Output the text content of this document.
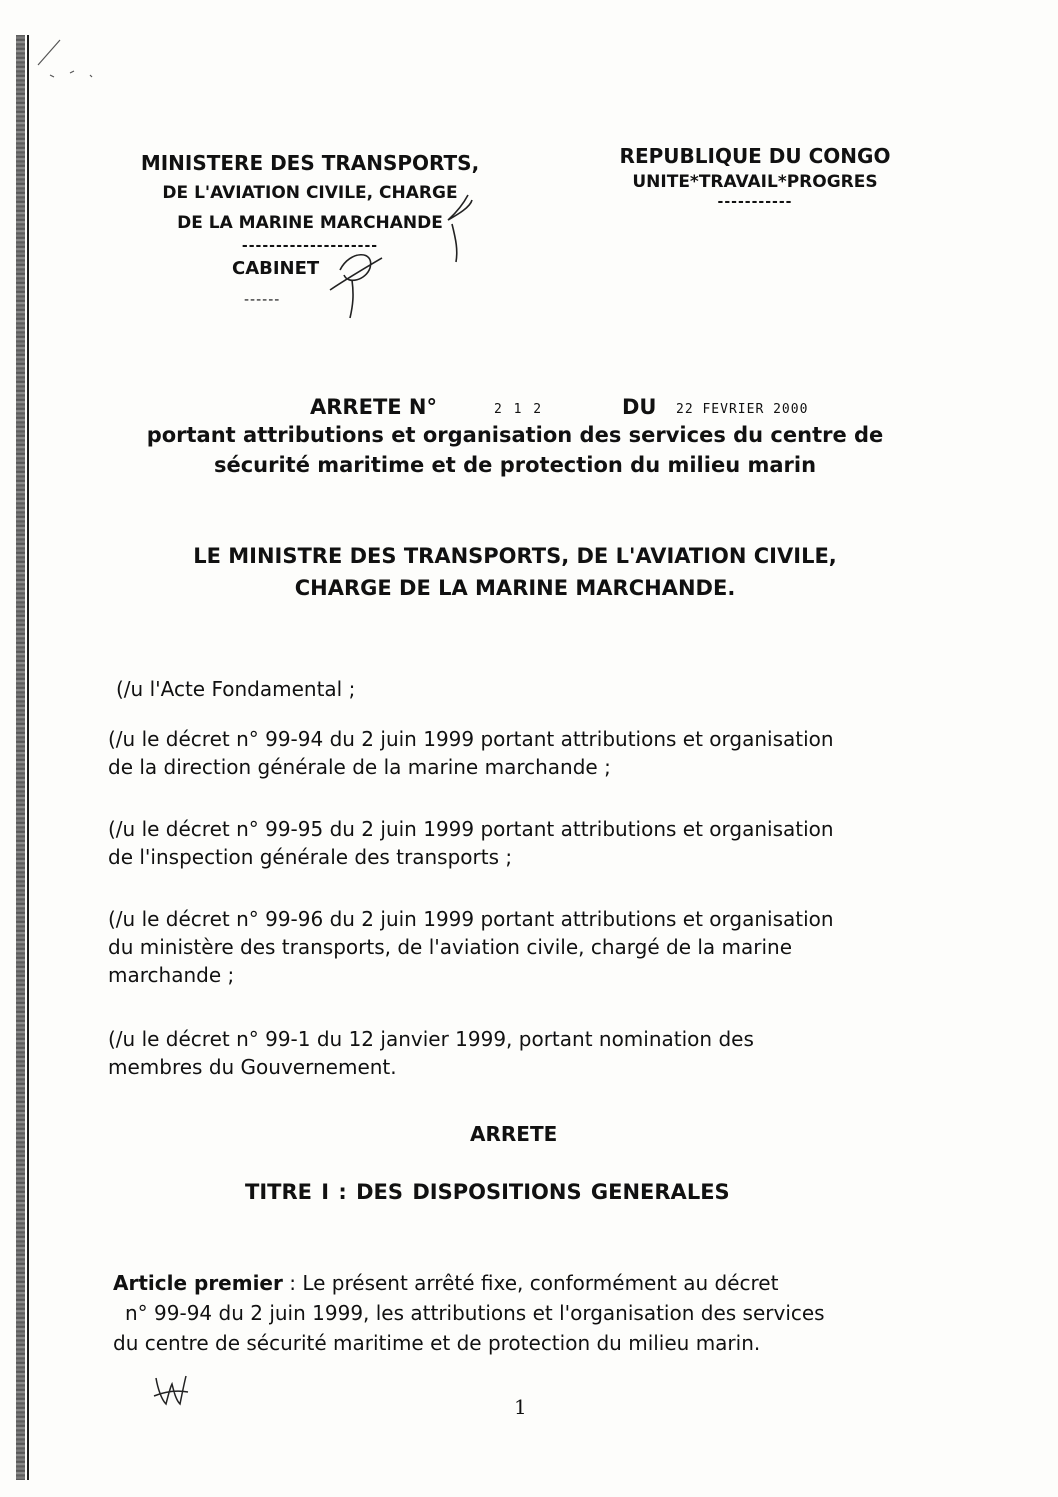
MINISTERE DES TRANSPORTS,
DE L'AVIATION CIVILE, CHARGE
DE LA MARINE MARCHANDE
--------------------
CABINET
------
REPUBLIQUE DU CONGO
UNITE*TRAVAIL*PROGRES
-----------
ARRETE N°	2 1 2	DU 22 FEVRIER 2000
portant attributions et organisation des services du centre de
sécurité maritime et de protection du milieu marin
LE MINISTRE DES TRANSPORTS, DE L'AVIATION CIVILE,
CHARGE DE LA MARINE MARCHANDE.
(/u l'Acte Fondamental ;
(/u le décret n° 99-94 du 2 juin 1999 portant attributions et organisation
de la direction générale de la marine marchande ;
(/u le décret n° 99-95 du 2 juin 1999 portant attributions et organisation
de l'inspection générale des transports ;
(/u le décret n° 99-96 du 2 juin 1999 portant attributions et organisation
du ministère des transports, de l'aviation civile, chargé de la marine
marchande ;
(/u le décret n° 99-1 du 12 janvier 1999, portant nomination des
membres du Gouvernement.
ARRETE
TITRE I : DES DISPOSITIONS GENERALES
Article premier : Le présent arrêté fixe, conformément au décret
n° 99-94 du 2 juin 1999, les attributions et l'organisation des services
du centre de sécurité maritime et de protection du milieu marin.
1
